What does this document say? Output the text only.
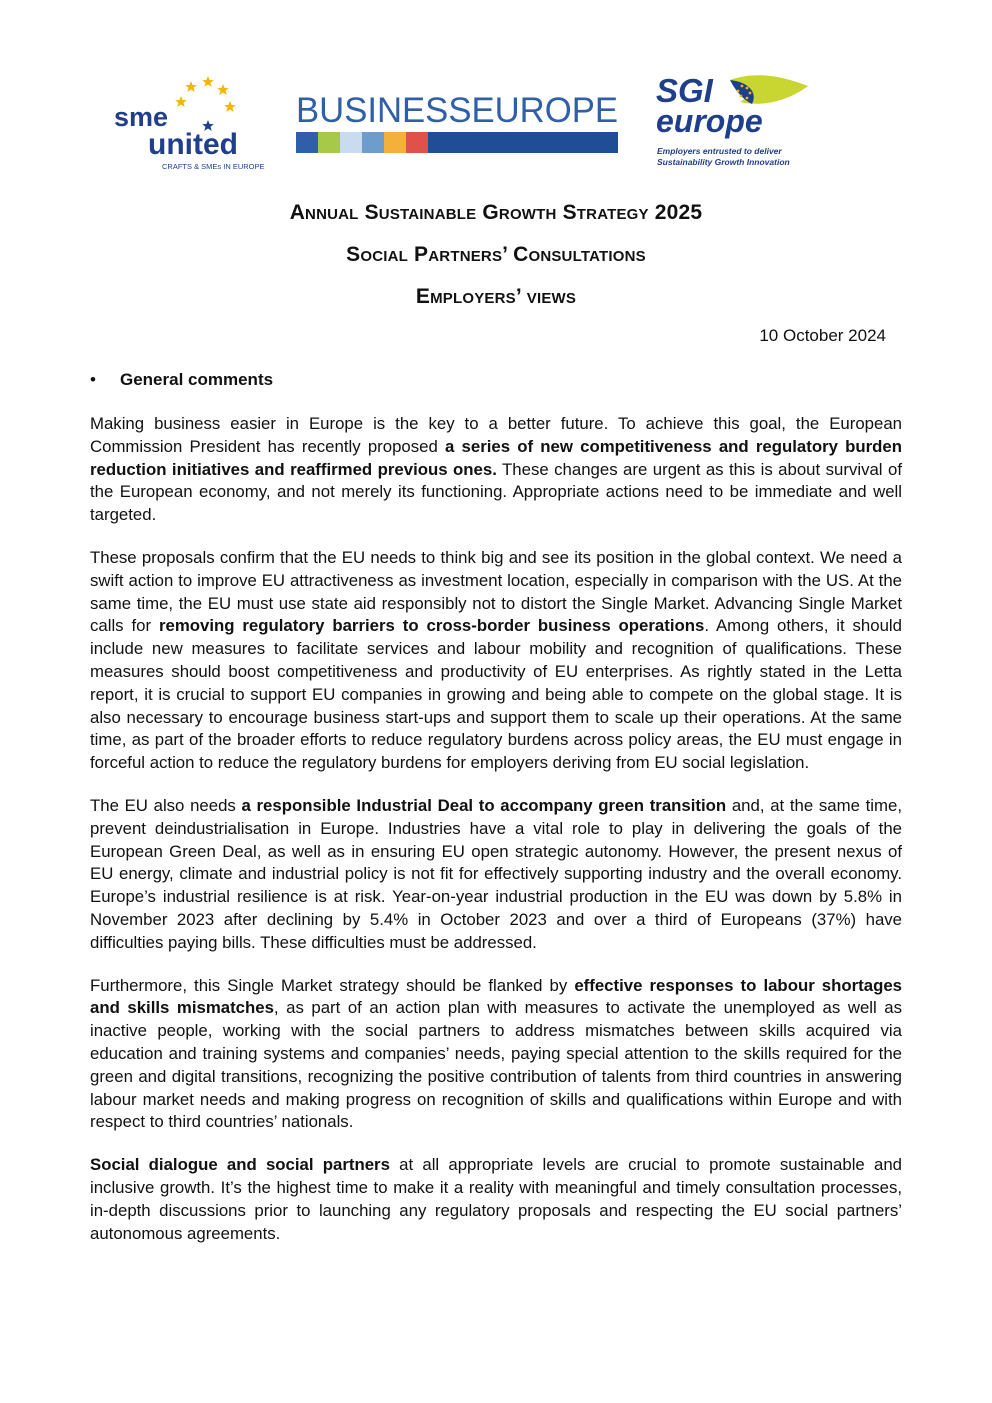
sme
united
CRAFTS & SMEs IN EUROPE
BUSINESSEUROPE
SGI
europe
Employers entrusted to deliver
Sustainability Growth Innovation
Annual Sustainable Growth Strategy 2025
Social Partners’ Consultations
Employers’ views
10 October 2024
• General comments

Making business easier in Europe is the key to a better future. To achieve this goal, the European Commission President has recently proposed a series of new competitiveness and regulatory burden reduction initiatives and reaffirmed previous ones. These changes are urgent as this is about survival of the European economy, and not merely its functioning. Appropriate actions need to be immediate and well targeted.

These proposals confirm that the EU needs to think big and see its position in the global context. We need a swift action to improve EU attractiveness as investment location, especially in comparison with the US. At the same time, the EU must use state aid responsibly not to distort the Single Market. Advancing Single Market calls for removing regulatory barriers to cross-border business operations. Among others, it should include new measures to facilitate services and labour mobility and recognition of qualifications. These measures should boost competitiveness and productivity of EU enterprises. As rightly stated in the Letta report, it is crucial to support EU companies in growing and being able to compete on the global stage. It is also necessary to encourage business start-ups and support them to scale up their operations. At the same time, as part of the broader efforts to reduce regulatory burdens across policy areas, the EU must engage in forceful action to reduce the regulatory burdens for employers deriving from EU social legislation.

The EU also needs a responsible Industrial Deal to accompany green transition and, at the same time, prevent deindustrialisation in Europe. Industries have a vital role to play in delivering the goals of the European Green Deal, as well as in ensuring EU open strategic autonomy. However, the present nexus of EU energy, climate and industrial policy is not fit for effectively supporting industry and the overall economy. Europe’s industrial resilience is at risk. Year-on-year industrial production in the EU was down by 5.8% in November 2023 after declining by 5.4% in October 2023 and over a third of Europeans (37%) have difficulties paying bills. These difficulties must be addressed.

Furthermore, this Single Market strategy should be flanked by effective responses to labour shortages and skills mismatches, as part of an action plan with measures to activate the unemployed as well as inactive people, working with the social partners to address mismatches between skills acquired via education and training systems and companies’ needs, paying special attention to the skills required for the green and digital transitions, recognizing the positive contribution of talents from third countries in answering labour market needs and making progress on recognition of skills and qualifications within Europe and with respect to third countries’ nationals.

Social dialogue and social partners at all appropriate levels are crucial to promote sustainable and inclusive growth. It’s the highest time to make it a reality with meaningful and timely consultation processes, in-depth discussions prior to launching any regulatory proposals and respecting the EU social partners’ autonomous agreements.
